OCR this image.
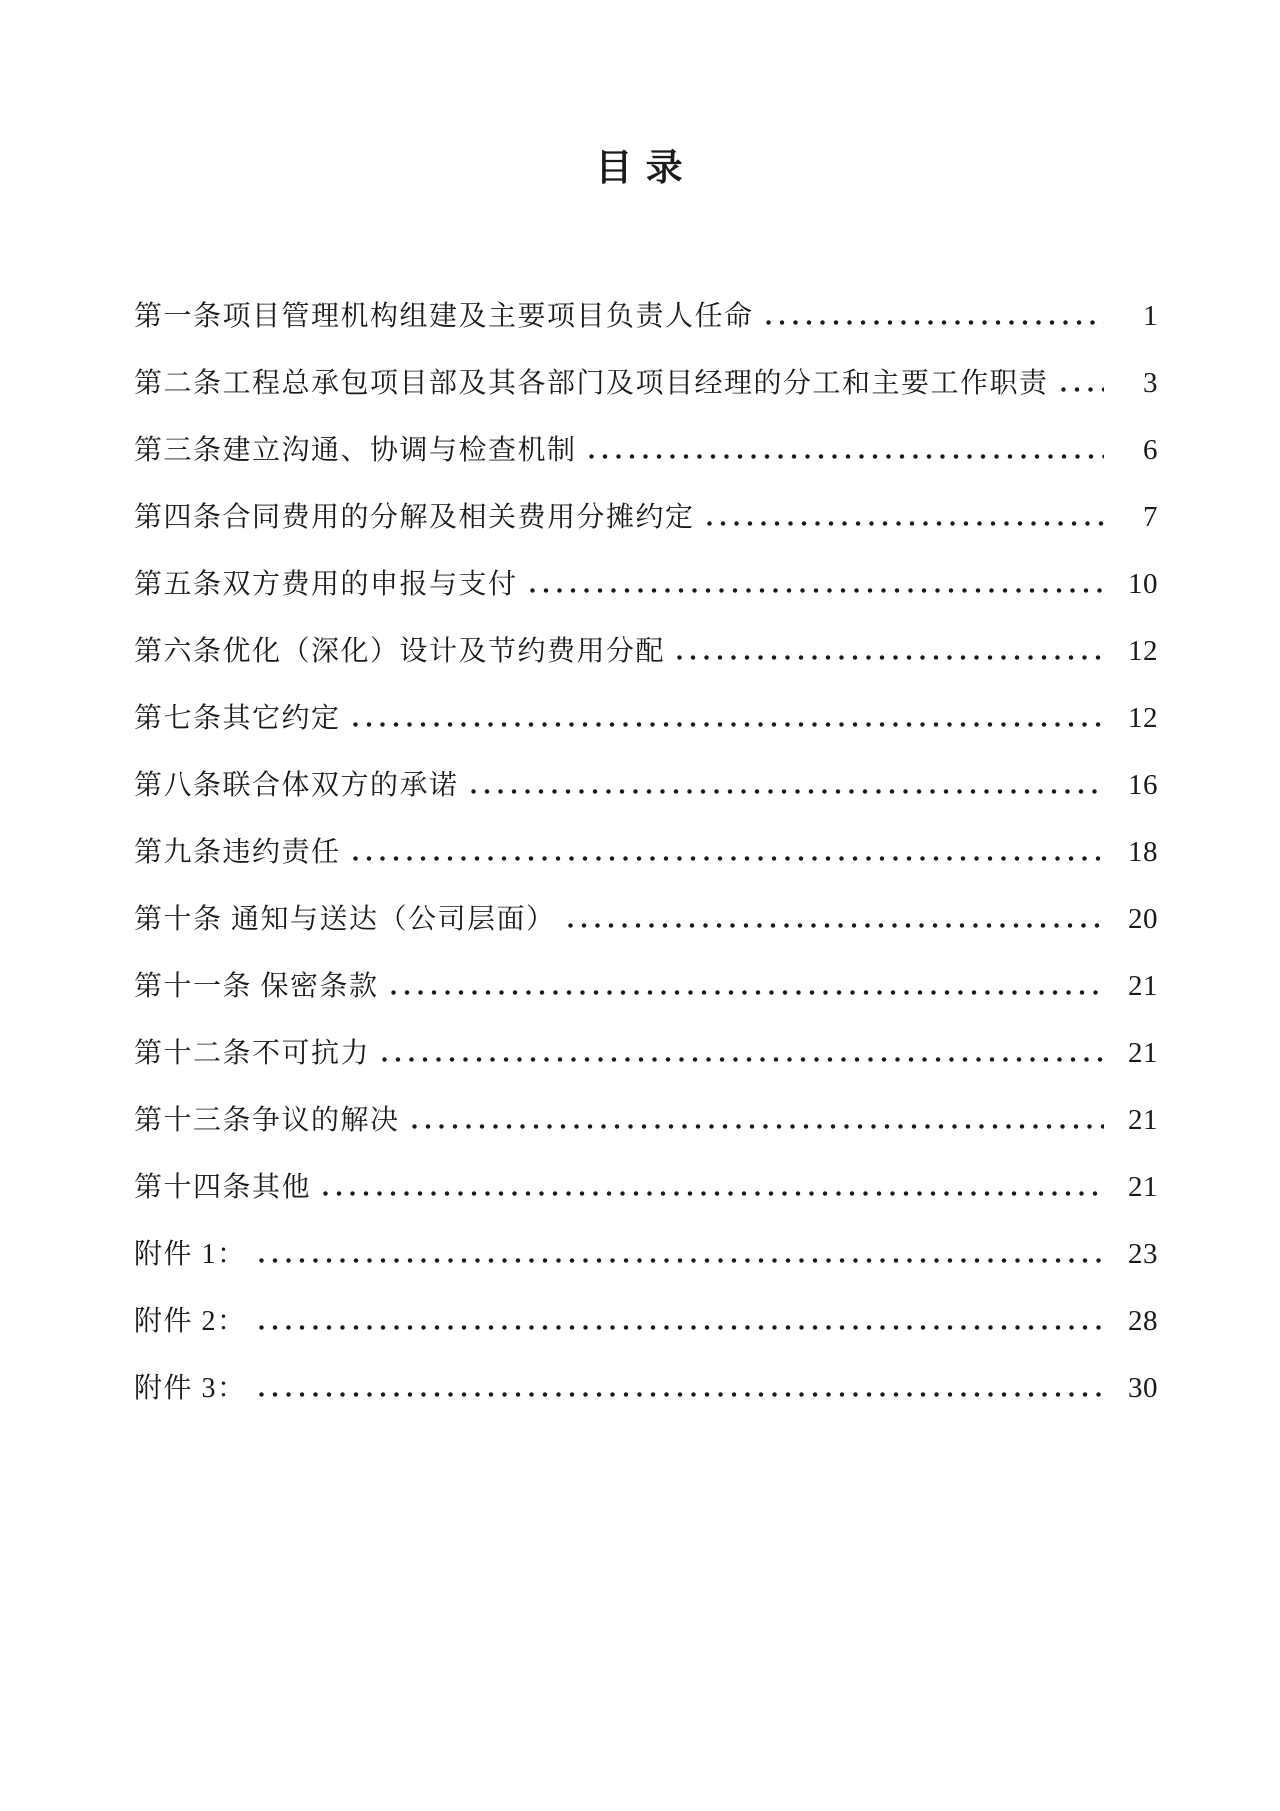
目 录
第一条项目管理机构组建及主要项目负责人任命	1
第二条工程总承包项目部及其各部门及项目经理的分工和主要工作职责	3
第三条建立沟通、协调与检查机制	6
第四条合同费用的分解及相关费用分摊约定	7
第五条双方费用的申报与支付	10
第六条优化（深化）设计及节约费用分配	12
第七条其它约定	12
第八条联合体双方的承诺	16
第九条违约责任	18
第十条 通知与送达（公司层面）	20
第十一条 保密条款	21
第十二条不可抗力	21
第十三条争议的解决	21
第十四条其他	21
附件 1：	23
附件 2：	28
附件 3：	30
